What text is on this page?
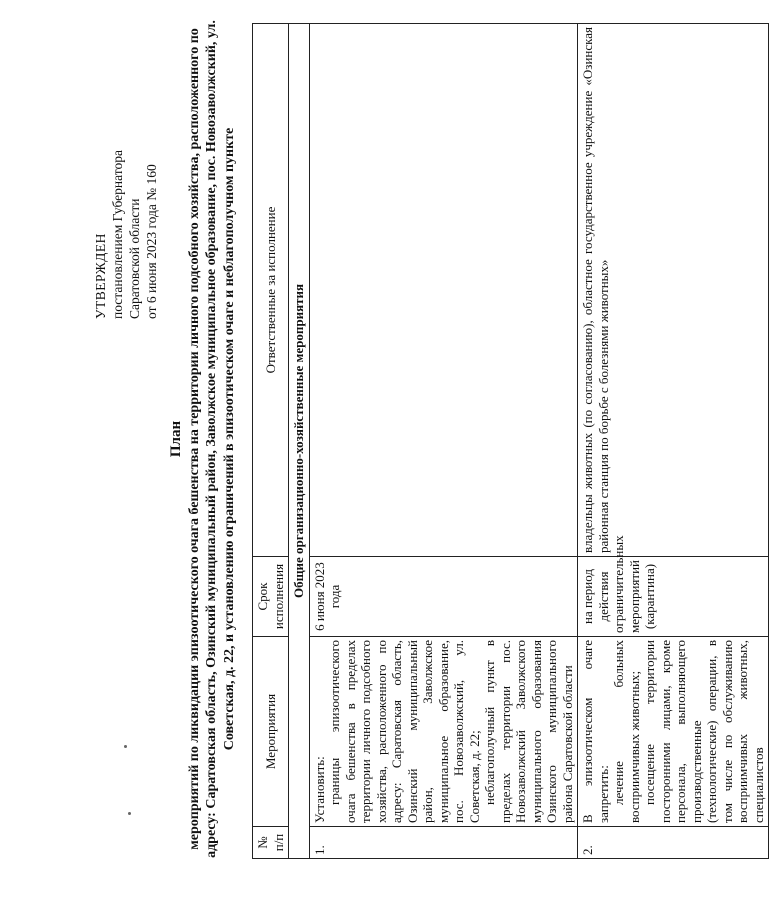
УТВЕРЖДЕН постановлением Губернатора Саратовской области от 6 июня 2023 года № 160
План мероприятий по ликвидации эпизоотического очага бешенства на территории личного подсобного хозяйства, расположенного по адресу: Саратовская область, Озинский муниципальный район, Заволжское муниципальное образование, пос. Новозаволжский, ул. Советская, д. 22, и установлению ограничений в эпизоотическом очаге и неблагополучном пункте
№ п/п	Мероприятия	Срок исполнения	Ответственные за исполнение
Общие организационно-хозяйственные мероприятия			
1.	Установить: границы эпизоотического очага бешенства в пределах территории личного подсобного хозяйства, расположенного по адресу: Саратовская область, Озинский муниципальный район, Заволжское муниципальное образование, пос. Новозаволжский, ул. Советская, д. 22; неблагополучный пункт в пределах территории пос. Новозаволжский Заволжского муниципального образования Озинского муниципального района Саратовской области	6 июня 2023 года	
2.	В эпизоотическом очаге запретить: лечение больных восприимчивых животных; посещение территории посторонними лицами, кроме персонала, выполняющего производственные (технологические) операции, в том числе по обслуживанию восприимчивых животных, специалистов	на период действия ограничительных мероприятий (карантина)	владельцы животных (по согласованию), областное государственное учреждение «Озинская районная станция по борьбе с болезнями животных»
